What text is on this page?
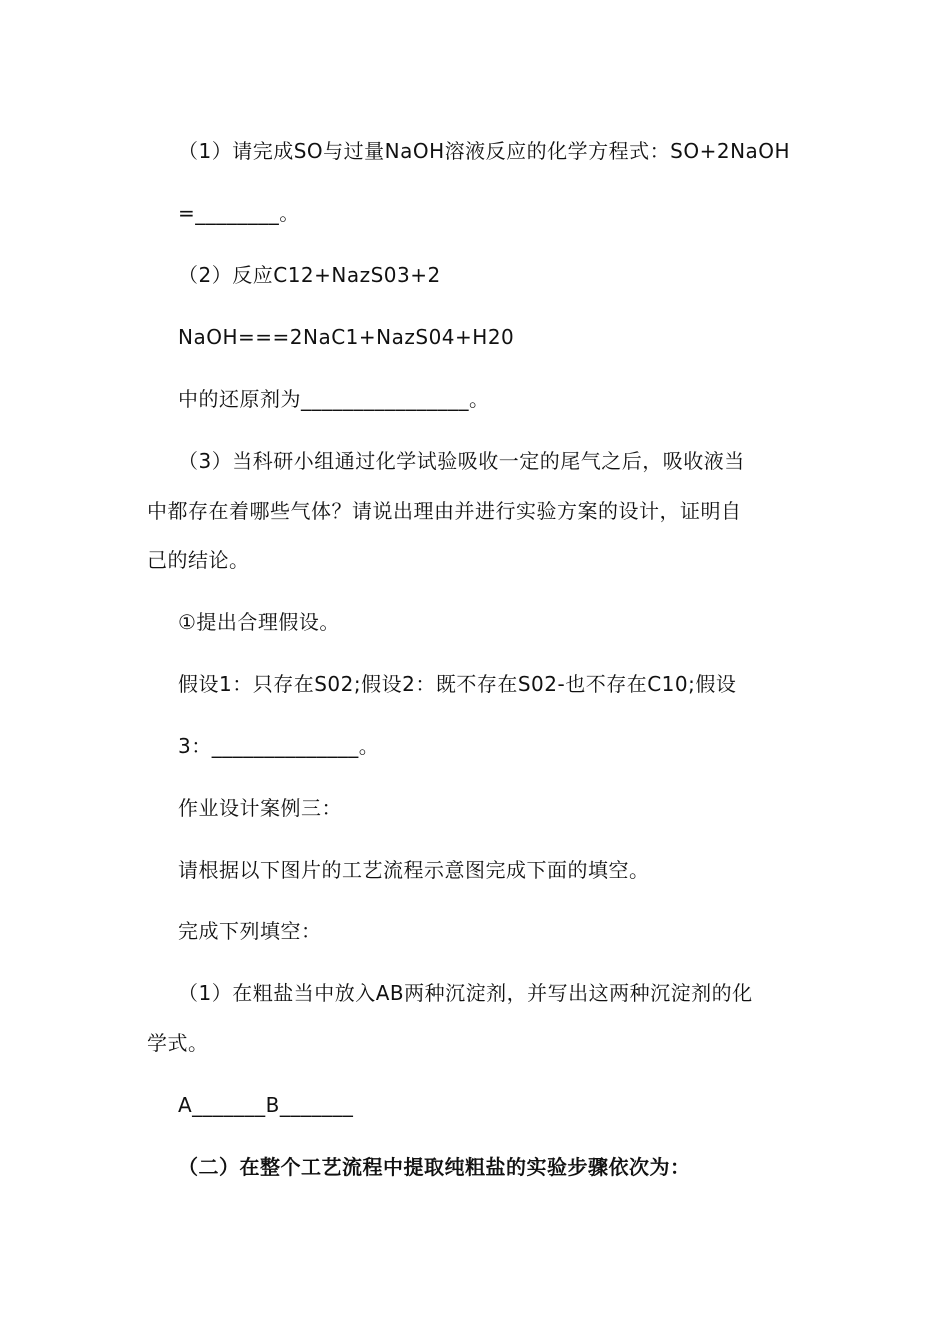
（1）请完成SO与过量NaOH溶液反应的化学方程式：SO+2NaOH
=________。
（2）反应C12+NazS03+2
NaOH===2NaC1+NazS04+H20
中的还原剂为________________。
（3）当科研小组通过化学试验吸收一定的尾气之后，吸收液当
中都存在着哪些气体？请说出理由并进行实验方案的设计，证明自
己的结论。
①提出合理假设。
假设1：只存在S02;假设2：既不存在S02-也不存在C10;假设
3：______________。
作业设计案例三：
请根据以下图片的工艺流程示意图完成下面的填空。
完成下列填空：
（1）在粗盐当中放入AB两种沉淀剂，并写出这两种沉淀剂的化
学式。
A_______B_______
（二）在整个工艺流程中提取纯粗盐的实验步骤依次为：
